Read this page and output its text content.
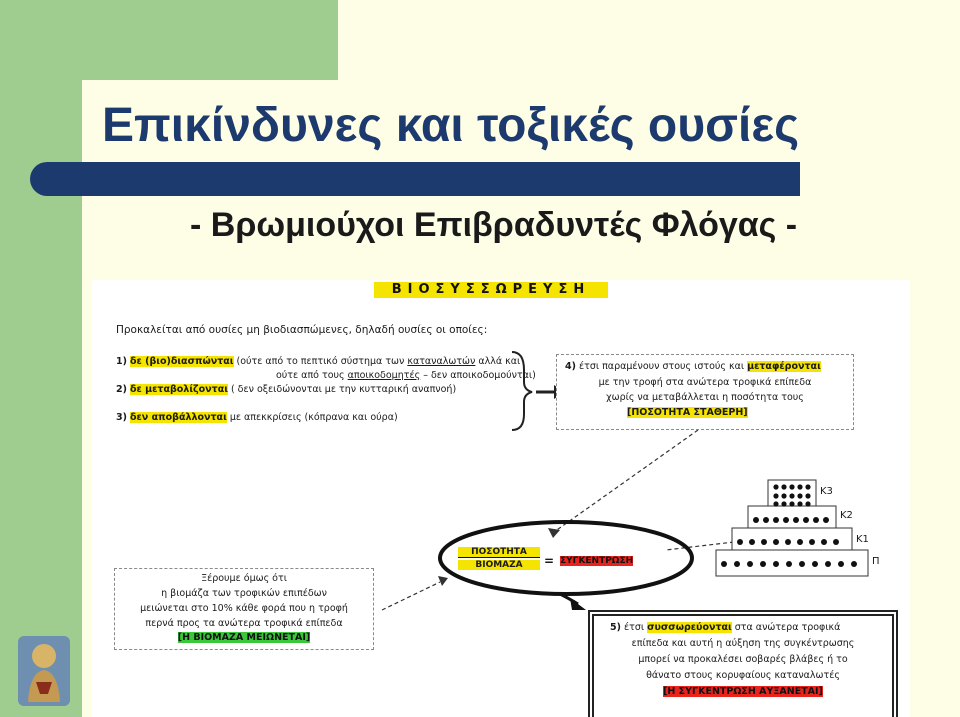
Επικίνδυνες και τοξικές ουσίες
- Βρωμιούχοι Επιβραδυντές Φλόγας -
ΒΙΟΣΥΣΣΩΡΕΥΣΗ
Προκαλείται από ουσίες μη βιοδιασπώμενες, δηλαδή ουσίες οι οποίες:
1) δε (βιο)διασπώνται (ούτε από το πεπτικό σύστημα των καταναλωτών αλλά και
ούτε από τους αποικοδομητές – δεν αποικοδομούνται)
2) δε μεταβολίζονται ( δεν οξειδώνονται με την κυτταρική αναπνοή)
3) δεν αποβάλλονται με απεκκρίσεις (κόπρανα και ούρα)
4) έτσι παραμένουν στους ιστούς και μεταφέρονται
με την τροφή στα ανώτερα τροφικά επίπεδα
χωρίς να μεταβάλλεται η ποσότητα τους
[ΠΟΣΟΤΗΤΑ ΣΤΑΘΕΡΗ]
ΠΟΣΟΤΗΤΑ
ΒΙΟΜΑΖΑ	= ΣΥΓΚΕΝΤΡΩΣΗ
Κ3
Κ2
Κ1
Π
Ξέρουμε όμως ότι
η βιομάζα των τροφικών επιπέδων
μειώνεται στο 10% κάθε φορά που η τροφή
περνά προς τα ανώτερα τροφικά επίπεδα
[Η ΒΙΟΜΑΖΑ ΜΕΙΩΝΕΤΑΙ]
5) έτσι συσσωρεύονται στα ανώτερα τροφικά
επίπεδα και αυτή η αύξηση της συγκέντρωσης
μπορεί να προκαλέσει σοβαρές βλάβες ή το
θάνατο στους κορυφαίους καταναλωτές
[Η ΣΥΓΚΕΝΤΡΩΣΗ ΑΥΞΑΝΕΤΑΙ]
